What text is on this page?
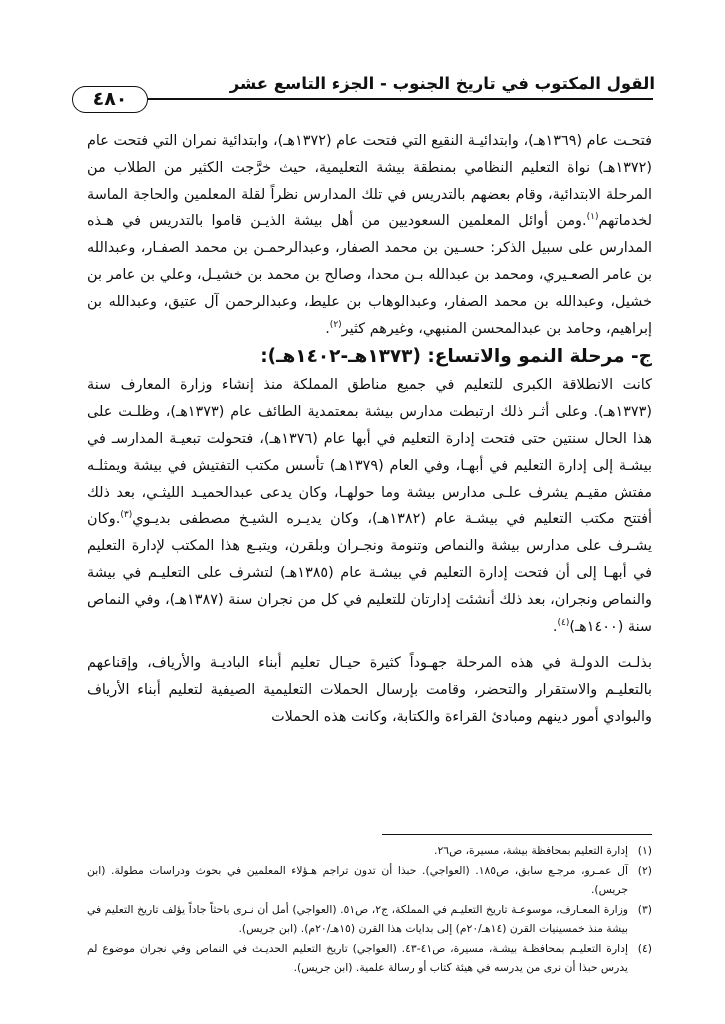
القول المكتوب في تاريخ الجنوب - الجزء التاسع عشر
٤٨٠

فتحـت عام (١٣٦٩هـ)، وابتدائيـة النقيع التي فتحت عام (١٣٧٢هـ)، وابتدائية نمران التي فتحت عام (١٣٧٢هـ) نواة التعليم النظامي بمنطقة بيشة التعليمية، حيث خرَّجت الكثير من الطلاب من المرحلة الابتدائية، وقام بعضهم بالتدريس في تلك المدارس نظراً لقلة المعلمين والحاجة الماسة لخدماتهم$^{(١)}$.ومن أوائل المعلمين السعوديين من أهل بيشة الذيـن قاموا بالتدريس في هـذه المدارس على سبيل الذكر: حسـين بن محمد الصفار، وعبدالرحمـن بن محمد الصفـار، وعبدالله بن عامر الصعـيري، ومحمد بن عبدالله بـن محدا، وصالح بن محمد بن خشيـل، وعلي بن عامر بن خشيل، وعبدالله بن محمد الصفار، وعبدالوهاب بن عليط، وعبدالرحمن آل عتيق، وعبدالله بن إبراهيم، وحامد بن عبدالمحسن المنبهي، وغيرهم كثير$^{(٢)}$.

ج- مرحلة النمو والاتساع: (١٣٧٣هـ-١٤٠٢هـ):

كانت الانطلاقة الكبرى للتعليم في جميع مناطق المملكة منذ إنشاء وزارة المعارف سنة (١٣٧٣هـ). وعلى أثـر ذلك ارتبطت مدارس بيشة بمعتمدية الطائف عام (١٣٧٣هـ)، وظلـت على هذا الحال سنتين حتى فتحت إدارة التعليم في أبها عام (١٣٧٦هـ)، فتحولت تبعيـة المدارسـ في بيشـة إلى إدارة التعليم في أبهـا، وفي العام (١٣٧٩هـ) تأسس مكتب التفتيش في بيشة ويمثلـه مفتش مقيـم يشرف علـى مدارس بيشة وما حولهـا، وكان يدعى عبدالحميـد الليثـي، بعد ذلك أفتتح مكتب التعليم في بيشـة عام (١٣٨٢هـ)، وكان يديـره الشيـخ مصطفى بديـوي$^{(٣)}$.وكان يشـرف على مدارس بيشة والنماص وتنومة ونجـران وبلقرن، ويتبـع هذا المكتب لإدارة التعليم في أبهـا إلى أن فتحت إدارة التعليم في بيشـة عام (١٣٨٥هـ) لتشرف على التعليـم في بيشة والنماص ونجران، بعد ذلك أنشئت إدارتان للتعليم في كل من نجران سنة (١٣٨٧هـ)، وفي النماص سنة (١٤٠٠هـ)$^{(٤)}$.

بذلـت الدولـة في هذه المرحلة جهـوداً كثيرة حيـال تعليم أبناء الباديـة والأرياف، وإقناعهم بالتعليـم والاستقرار والتحضر، وقامت بإرسال الحملات التعليمية الصيفية لتعليم أبناء الأرياف والبوادي أمور دينهم ومبادئ القراءة والكتابة، وكانت هذه الحملات

(١)
إدارة التعليم بمحافظة بيشة، مسيرة، ص٢٦.
(٢)
آل عمـرو، مرجـع سابق، ص١٨٥. (العواجي). حبذا أن تدون تراجم هـؤلاء المعلمين في بحوث ودراسات مطولة. (ابن جريس).
(٣)
وزارة المعـارف، موسوعـة تاريخ التعليـم في المملكة، ج٢، ص٥١. (العواجي) أمل أن نـرى باحثاً جاداً يؤلف تاريخ التعليم في بيشة منذ خمسينيات القرن (١٤هـ/٢٠م) إلى بدايات هذا القرن (١٥هـ/٢٠م). (ابن جريس).
(٤)
إدارة التعليـم بمحافظـة بيشـة، مسيرة، ص٤١-٤٣. (العواجي) تاريخ التعليم الحديـث في النماص وفي نجران موضوع لم يدرس حبذا أن نرى من يدرسه في هيئة كتاب أو رسالة علمية. (ابن جريس).
